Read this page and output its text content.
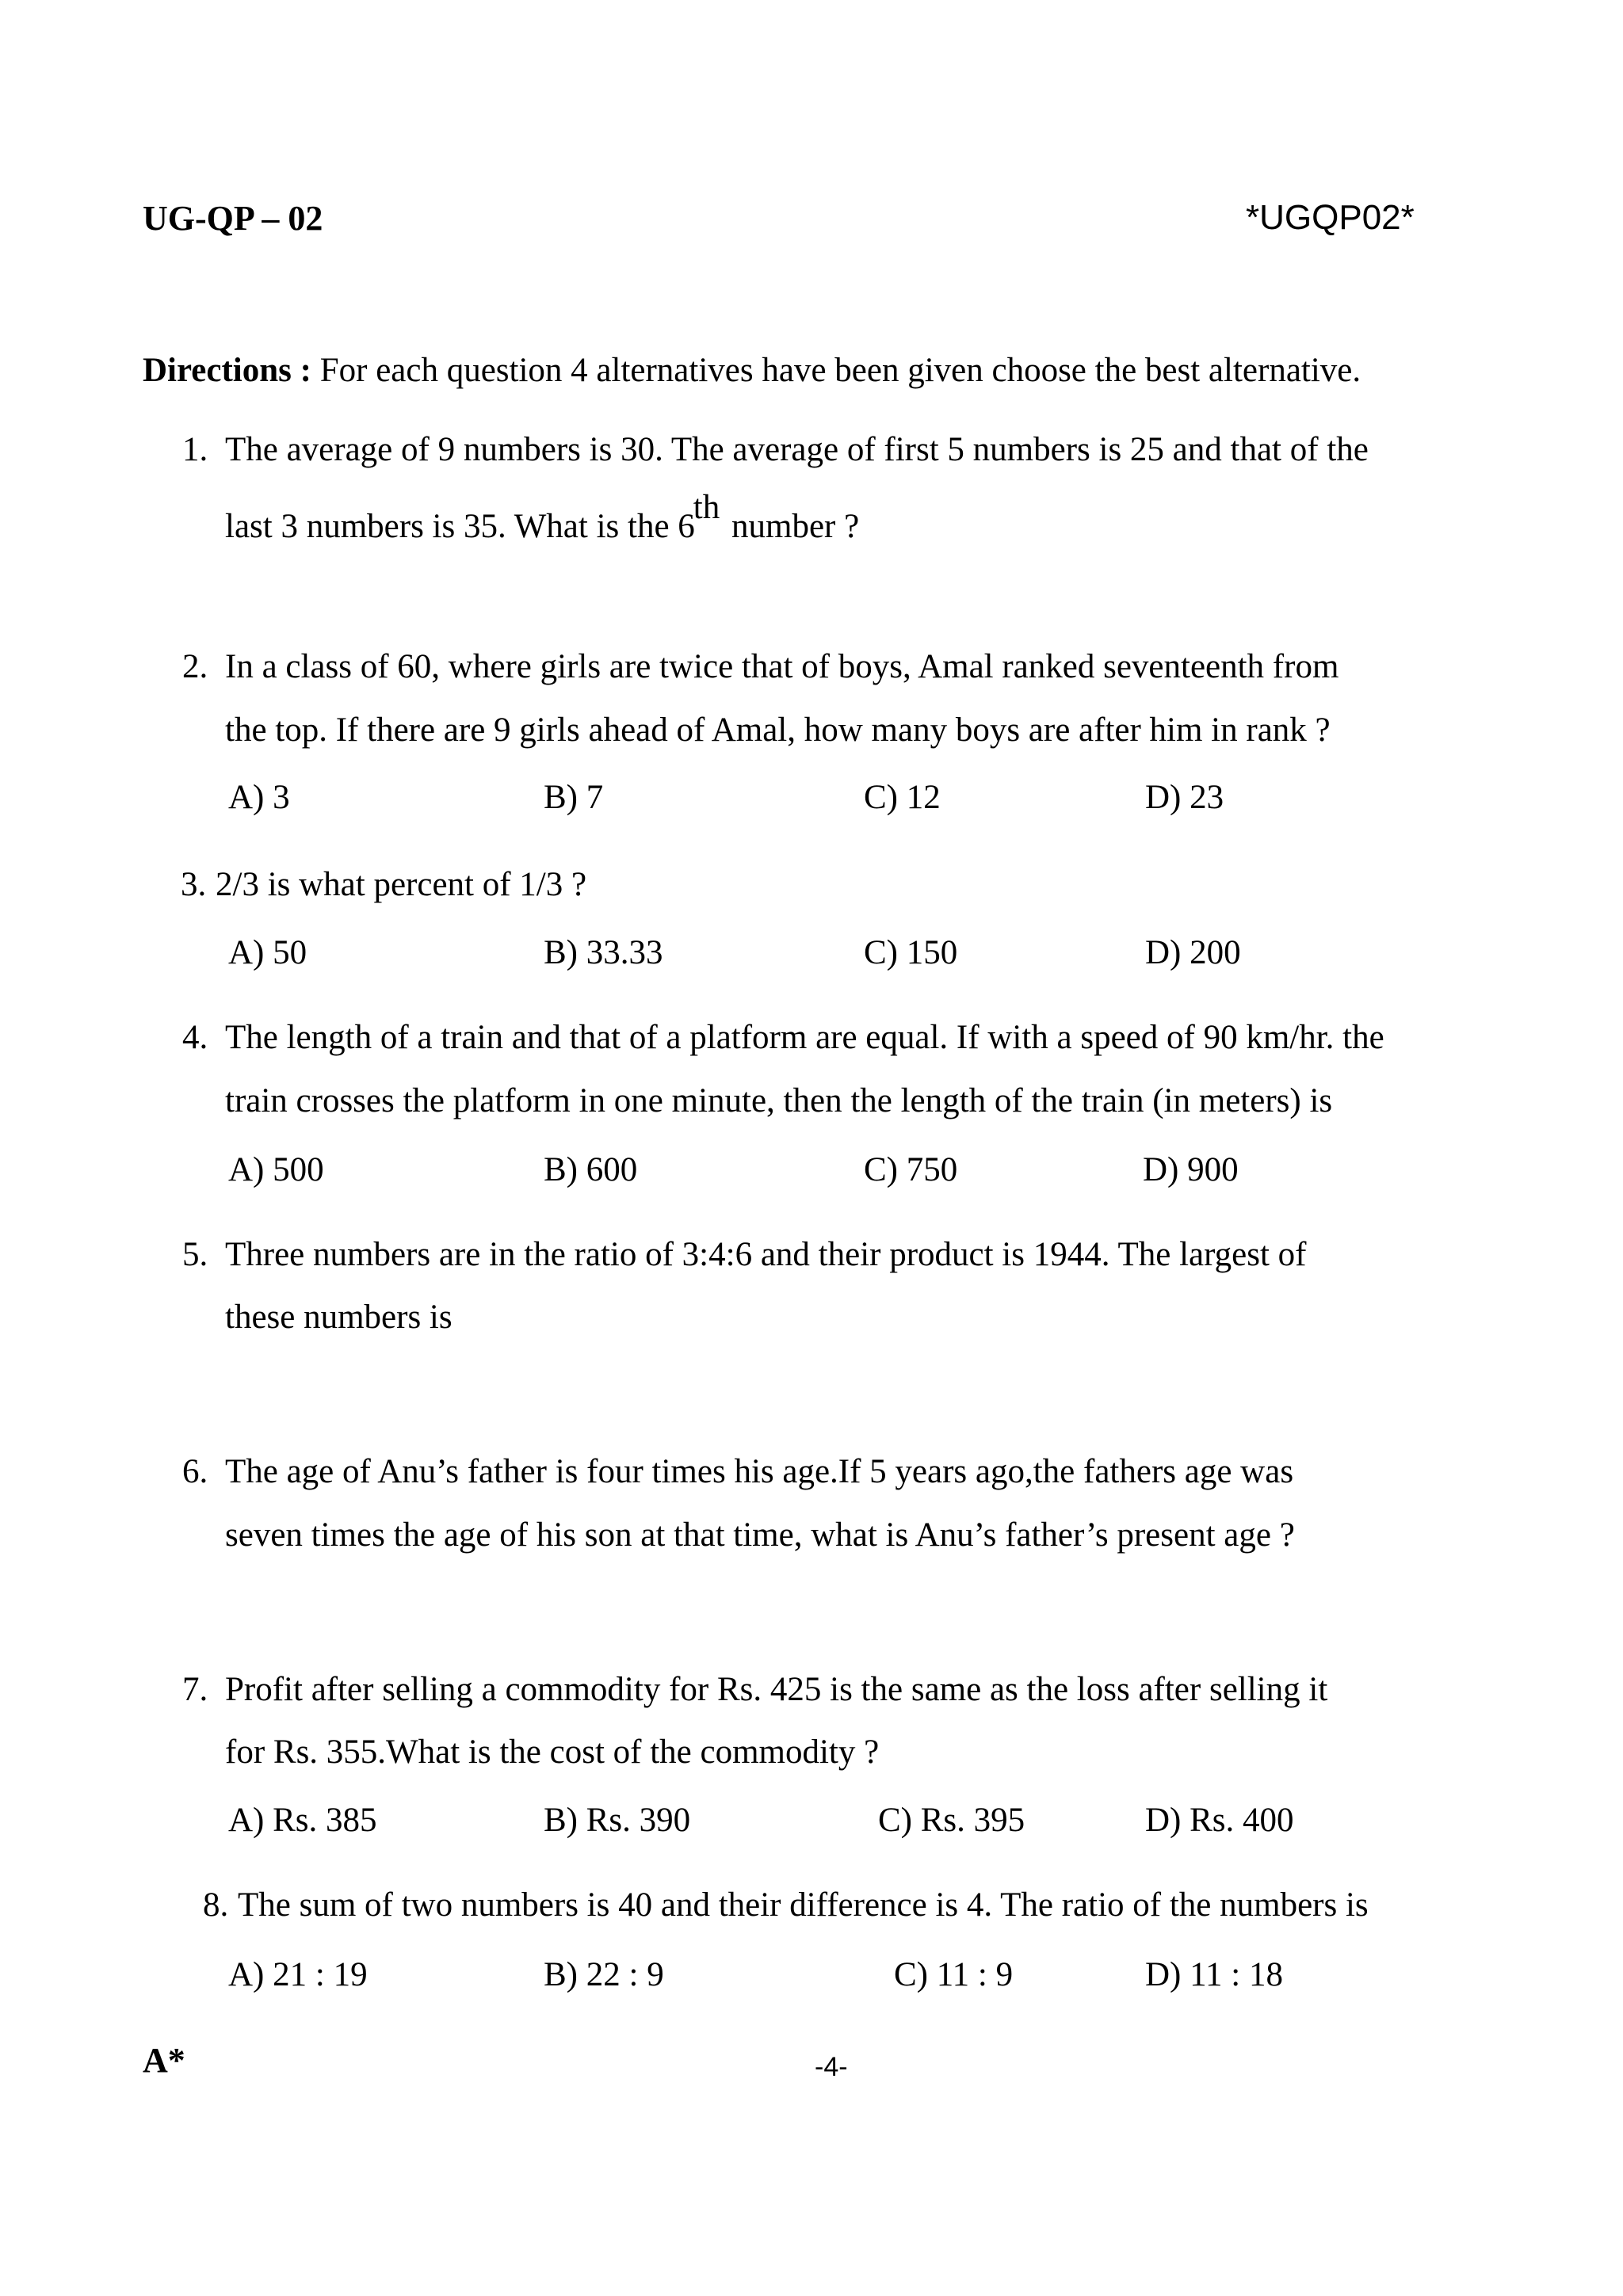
UG-QP – 02	*UGQP02*
Directions : For each question 4 alternatives have been given choose the best alternative.
1. The average of 9 numbers is 30. The average of first 5 numbers is 25 and that of the
last 3 numbers is 35. What is the 6th number ?
2. In a class of 60, where girls are twice that of boys, Amal ranked seventeenth from
the top. If there are 9 girls ahead of Amal, how many boys are after him in rank ?
A) 3	B) 7	C) 12	D) 23
3. 2/3 is what percent of 1/3 ?
A) 50	B) 33.33	C) 150	D) 200
4. The length of a train and that of a platform are equal. If with a speed of 90 km/hr. the
train crosses the platform in one minute, then the length of the train (in meters) is
A) 500	B) 600	C) 750	D) 900
5. Three numbers are in the ratio of 3:4:6 and their product is 1944. The largest of
these numbers is
6. The age of Anu’s father is four times his age.If 5 years ago,the fathers age was
seven times the age of his son at that time, what is Anu’s father’s present age ?
7. Profit after selling a commodity for Rs. 425 is the same as the loss after selling it
for Rs. 355.What is the cost of the commodity ?
A) Rs. 385	B) Rs. 390	C) Rs. 395	D) Rs. 400
8. The sum of two numbers is 40 and their difference is 4. The ratio of the numbers is
A) 21 : 19	B) 22 : 9	C) 11 : 9	D) 11 : 18
A*	-4-
